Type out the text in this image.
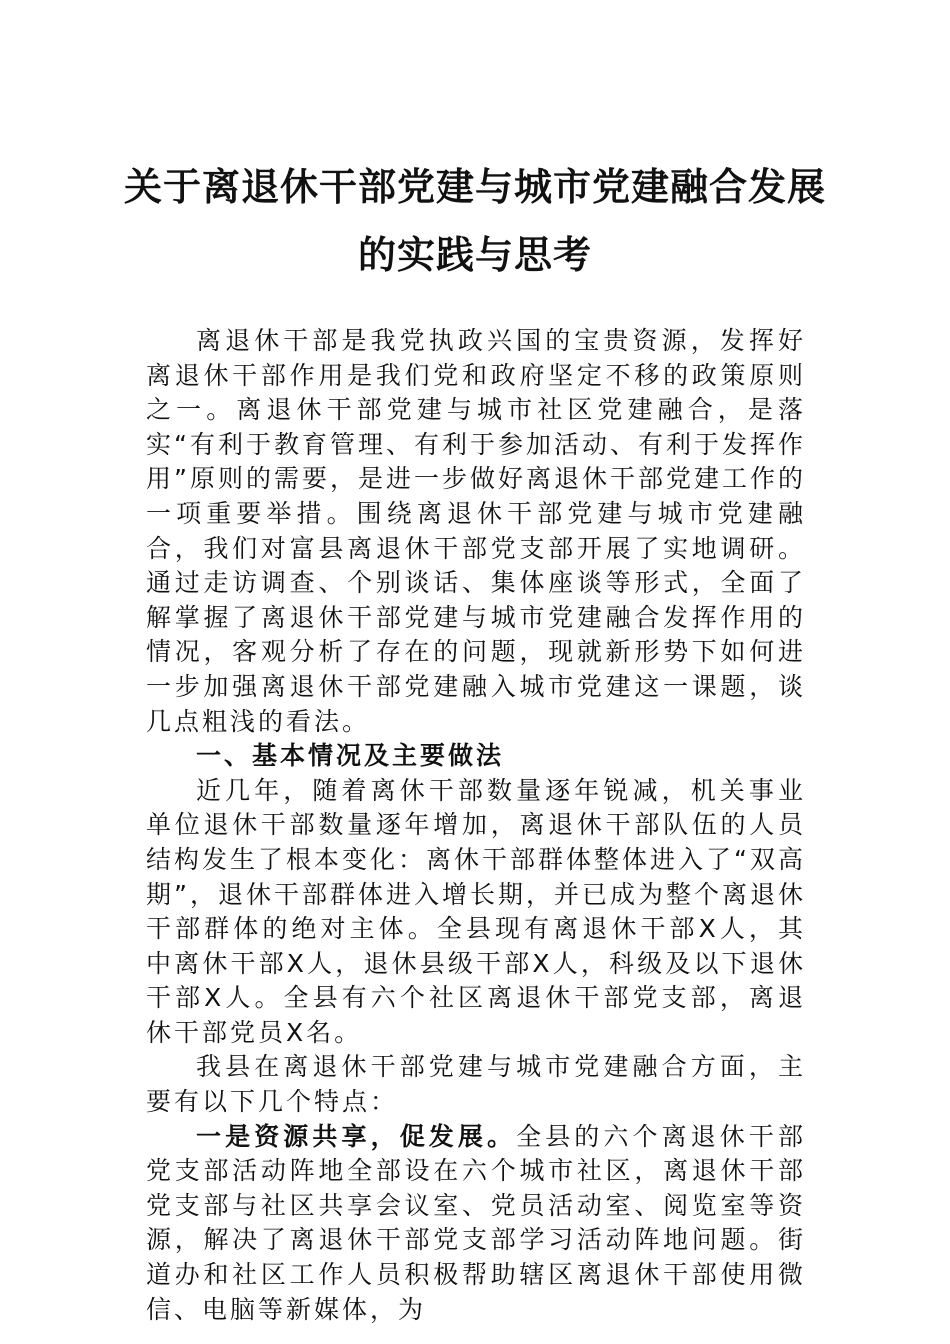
关于离退休干部党建与城市党建融合发展
的实践与思考

离退休干部是我党执政兴国的宝贵资源，发挥好离退休干部作用是我们党和政府坚定不移的政策原则之一。离退休干部党建与城市社区党建融合，是落实“有利于教育管理、有利于参加活动、有利于发挥作用”原则的需要，是进一步做好离退休干部党建工作的一项重要举措。围绕离退休干部党建与城市党建融合，我们对富县离退休干部党支部开展了实地调研。通过走访调查、个别谈话、集体座谈等形式，全面了解掌握了离退休干部党建与城市党建融合发挥作用的情况，客观分析了存在的问题，现就新形势下如何进一步加强离退休干部党建融入城市党建这一课题，谈几点粗浅的看法。

一、基本情况及主要做法

近几年，随着离休干部数量逐年锐减，机关事业单位退休干部数量逐年增加，离退休干部队伍的人员结构发生了根本变化：离休干部群体整体进入了“双高期”，退休干部群体进入增长期，并已成为整个离退休干部群体的绝对主体。全县现有离退休干部X人，其中离休干部X人，退休县级干部X人，科级及以下退休干部X人。全县有六个社区离退休干部党支部，离退休干部党员X名。

我县在离退休干部党建与城市党建融合方面，主要有以下几个特点：

一是资源共享，促发展。全县的六个离退休干部党支部活动阵地全部设在六个城市社区，离退休干部党支部与社区共享会议室、党员活动室、阅览室等资源，解决了离退休干部党支部学习活动阵地问题。街道办和社区工作人员积极帮助辖区离退休干部使用微信、电脑等新媒体，为
